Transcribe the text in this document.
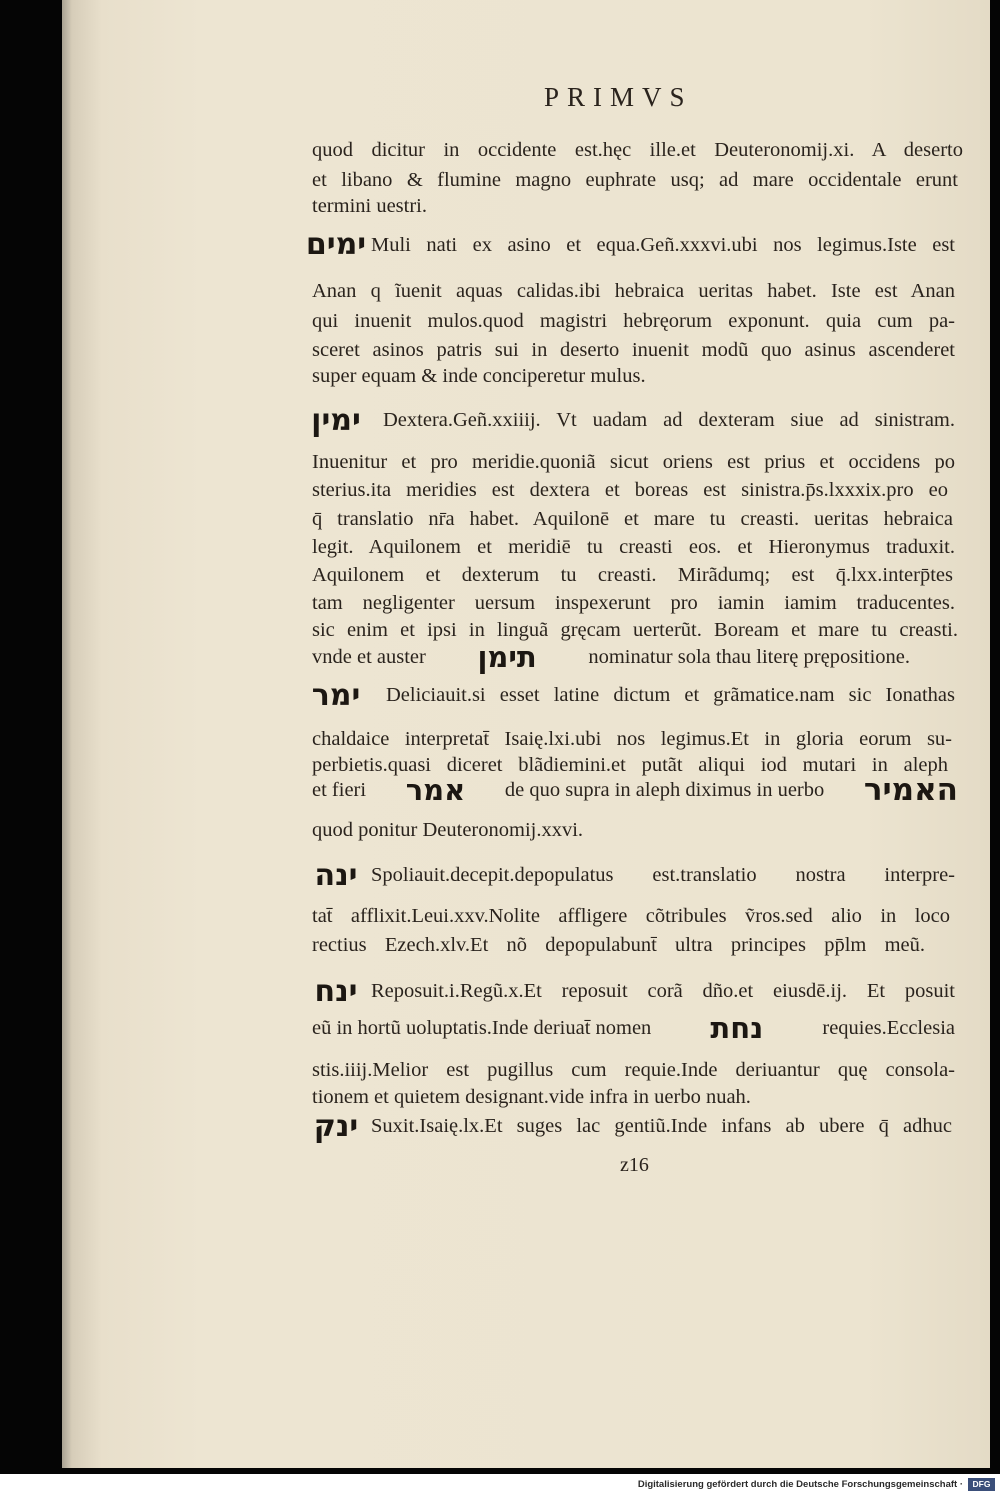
PRIMVS
quod dicitur in occidente est.hęc ille.et Deuteronomij.xi. A deserto
et libano & flumine magno euphrate usq; ad mare occidentale erunt
termini uestri.
ימים Muli nati ex asino et equa.Geñ.xxxvi.ubi nos legimus.Iste est
Anan q ĩuenit aquas calidas.ibi hebraica ueritas habet. Iste est Anan
qui inuenit mulos.quod magistri hebręorum exponunt. quia cum pa-
sceret asinos patris sui in deserto inuenit modũ quo asinus ascenderet
super equam & inde conciperetur mulus.
ימין	Dextera.Geñ.xxiiij. Vt uadam ad dexteram siue ad sinistram.
Inuenitur et pro meridie.quoniã sicut oriens est prius et occidens po
sterius.ita meridies est dextera et boreas est sinistra.p̄s.lxxxix.pro eo
q̄ translatio nr̄a habet. Aquilonē et mare tu creasti. ueritas hebraica
legit. Aquilonem et meridiē tu creasti eos. et Hieronymus traduxit.
Aquilonem et dexterum tu creasti. Mirãdumq; est q̄.lxx.interp̄tes
tam negligenter uersum inspexerunt pro iamin iamim traducentes.
sic enim et ipsi in linguã gręcam uerterũt. Boream et mare tu creasti.
vnde et auster תימן	nominatur sola thau literę prępositione.
ימר	Deliciauit.si esset latine dictum et grãmatice.nam sic Ionathas
chaldaice interpretat̄ Isaię.lxi.ubi nos legimus.Et in gloria eorum su-
perbietis.quasi diceret blãdiemini.et putãt aliqui iod mutari in aleph
et fieri אמר de quo supra in aleph diximus in uerbo האמיר
quod ponitur Deuteronomij.xxvi.
ינה Spoliauit.decepit.depopulatus est.translatio nostra interpre-
tat̄ afflixit.Leui.xxv.Nolite affligere cõtribules ṽros.sed alio in loco
rectius Ezech.xlv.Et nõ depopulabunt̄ ultra principes pp̄lm meũ.
ינח Reposuit.i.Regũ.x.Et reposuit corã dño.et eiusdē.ij. Et posuit
eũ in hortũ uoluptatis.Inde deriuat̄ nomen נחת	requies.Ecclesia
stis.iiij.Melior est pugillus cum requie.Inde deriuantur quę consola-
tionem et quietem designant.vide infra in uerbo nuah.
ינק Suxit.Isaię.lx.Et suges lac gentiũ.Inde infans ab ubere q̄ adhuc
z16
Digitalisierung gefördert durch die Deutsche Forschungsgemeinschaft ·	DFG
